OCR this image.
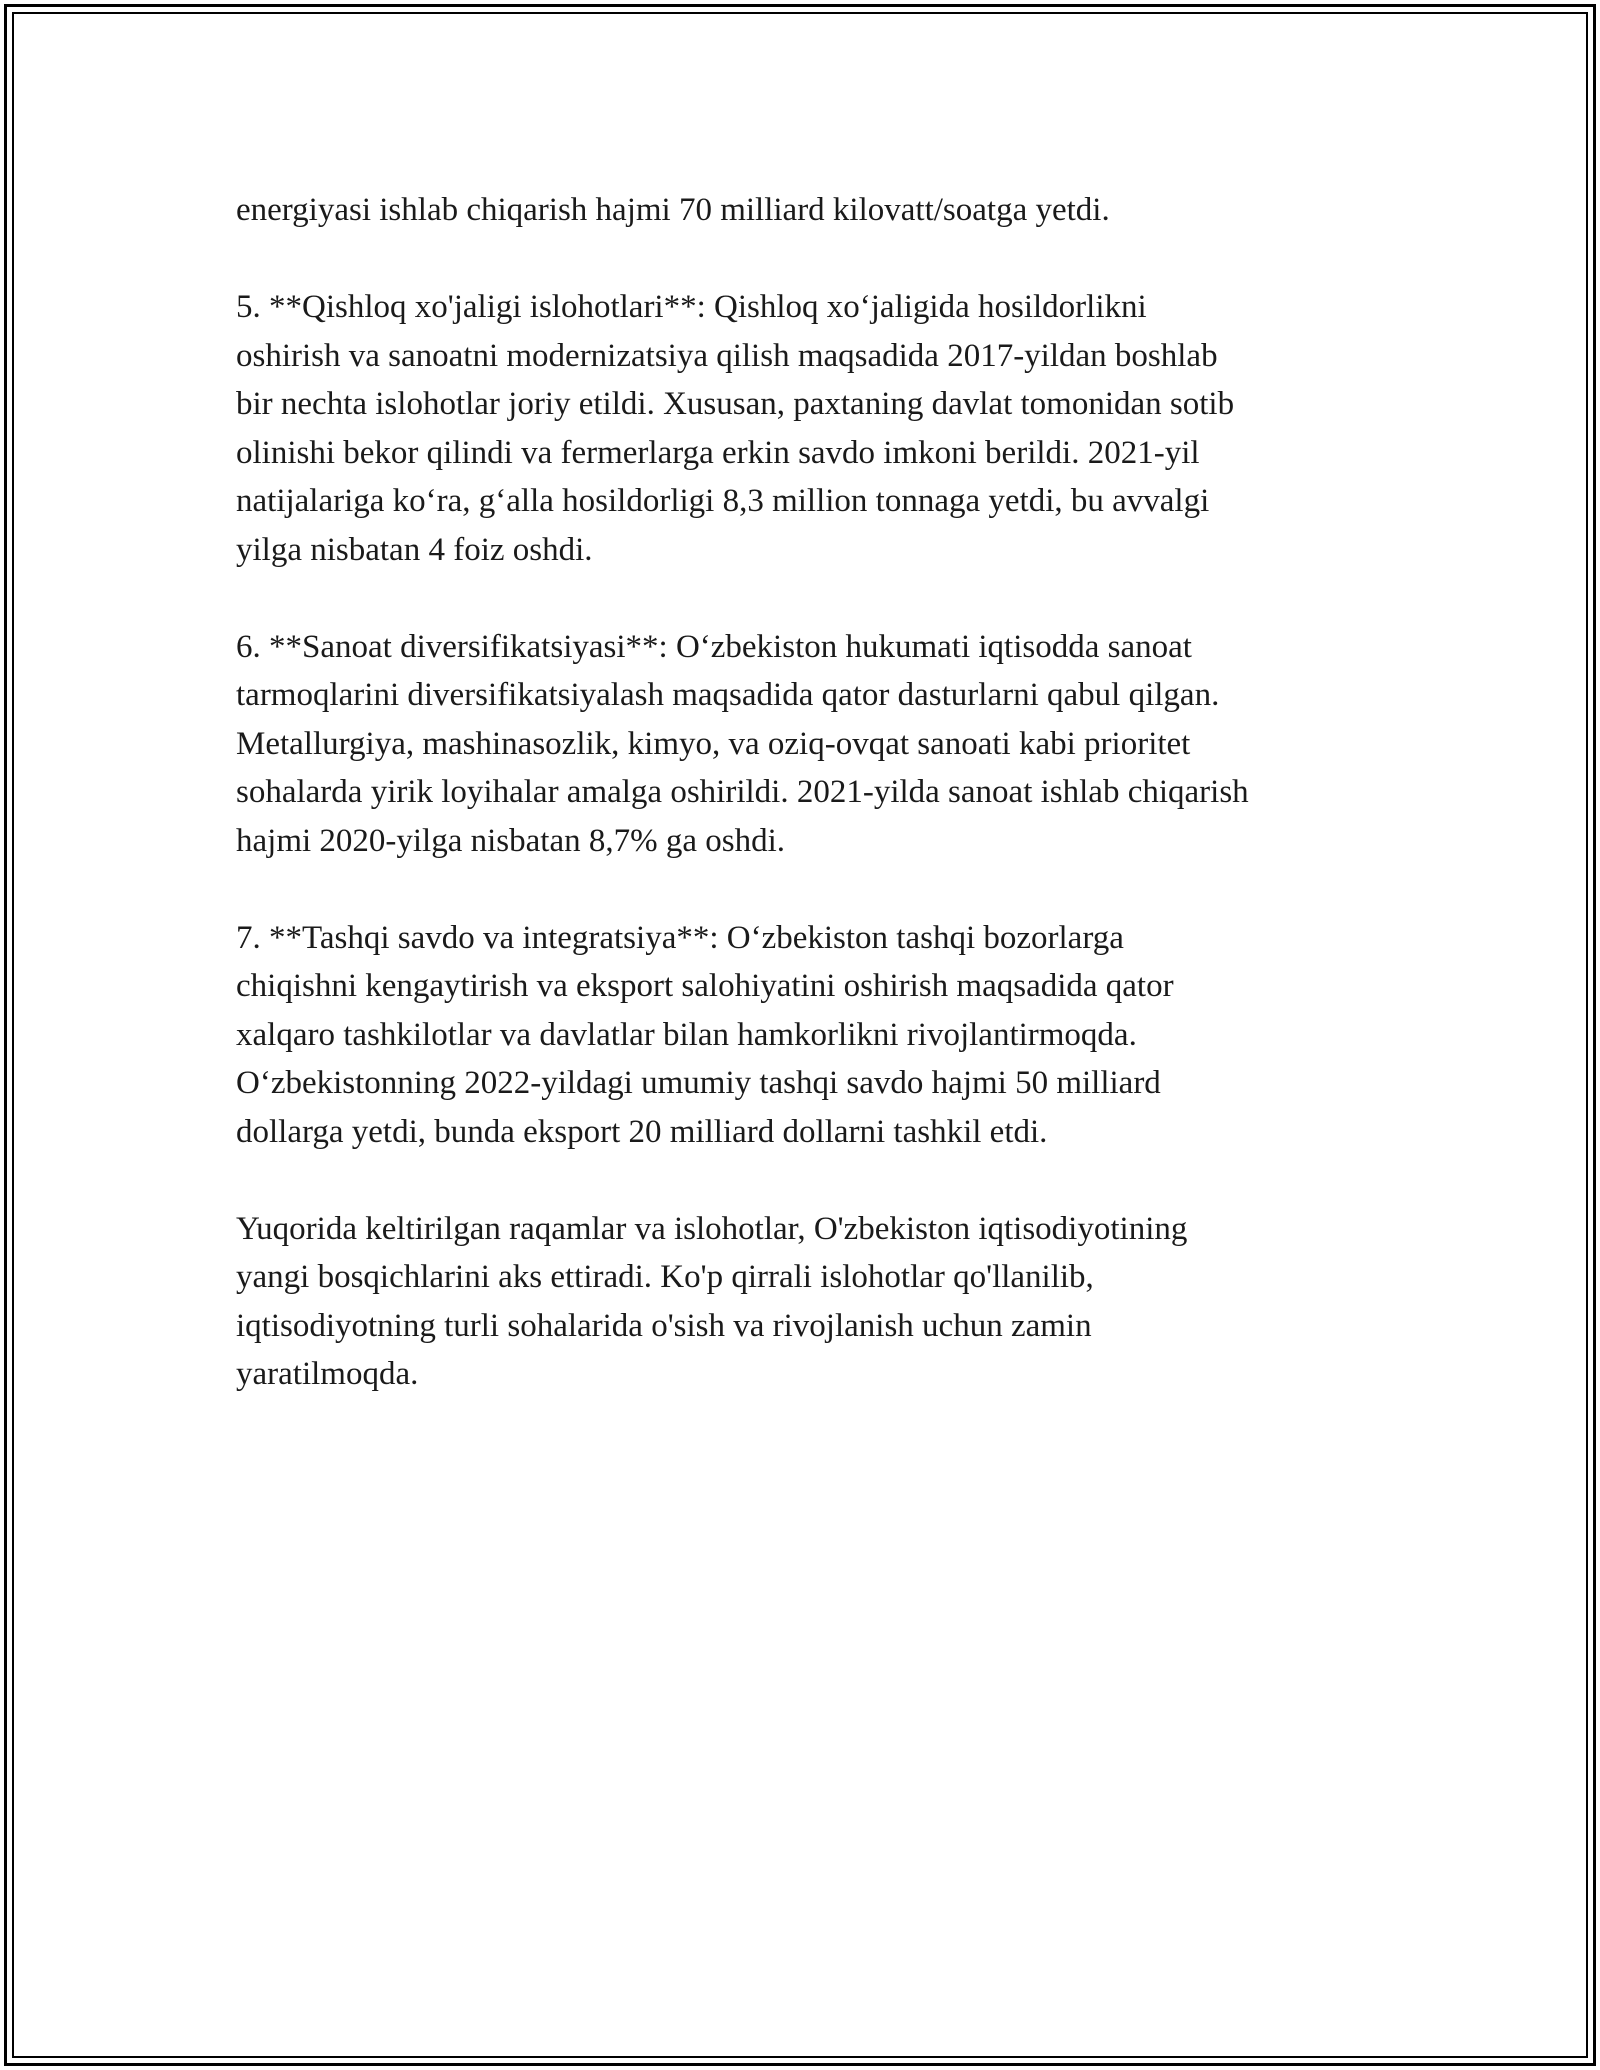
energiyasi ishlab chiqarish hajmi 70 milliard kilovatt/soatga yetdi.

5. **Qishloq xo'jaligi islohotlari**: Qishloq xo‘jaligida hosildorlikni
oshirish va sanoatni modernizatsiya qilish maqsadida 2017-yildan boshlab
bir nechta islohotlar joriy etildi. Xususan, paxtaning davlat tomonidan sotib
olinishi bekor qilindi va fermerlarga erkin savdo imkoni berildi. 2021-yil
natijalariga ko‘ra, g‘alla hosildorligi 8,3 million tonnaga yetdi, bu avvalgi
yilga nisbatan 4 foiz oshdi.

6. **Sanoat diversifikatsiyasi**: O‘zbekiston hukumati iqtisodda sanoat
tarmoqlarini diversifikatsiyalash maqsadida qator dasturlarni qabul qilgan.
Metallurgiya, mashinasozlik, kimyo, va oziq-ovqat sanoati kabi prioritet
sohalarda yirik loyihalar amalga oshirildi. 2021-yilda sanoat ishlab chiqarish
hajmi 2020-yilga nisbatan 8,7% ga oshdi.

7. **Tashqi savdo va integratsiya**: O‘zbekiston tashqi bozorlarga
chiqishni kengaytirish va eksport salohiyatini oshirish maqsadida qator
xalqaro tashkilotlar va davlatlar bilan hamkorlikni rivojlantirmoqda.
O‘zbekistonning 2022-yildagi umumiy tashqi savdo hajmi 50 milliard
dollarga yetdi, bunda eksport 20 milliard dollarni tashkil etdi.

Yuqorida keltirilgan raqamlar va islohotlar, O'zbekiston iqtisodiyotining
yangi bosqichlarini aks ettiradi. Ko'p qirrali islohotlar qo'llanilib,
iqtisodiyotning turli sohalarida o'sish va rivojlanish uchun zamin
yaratilmoqda.
